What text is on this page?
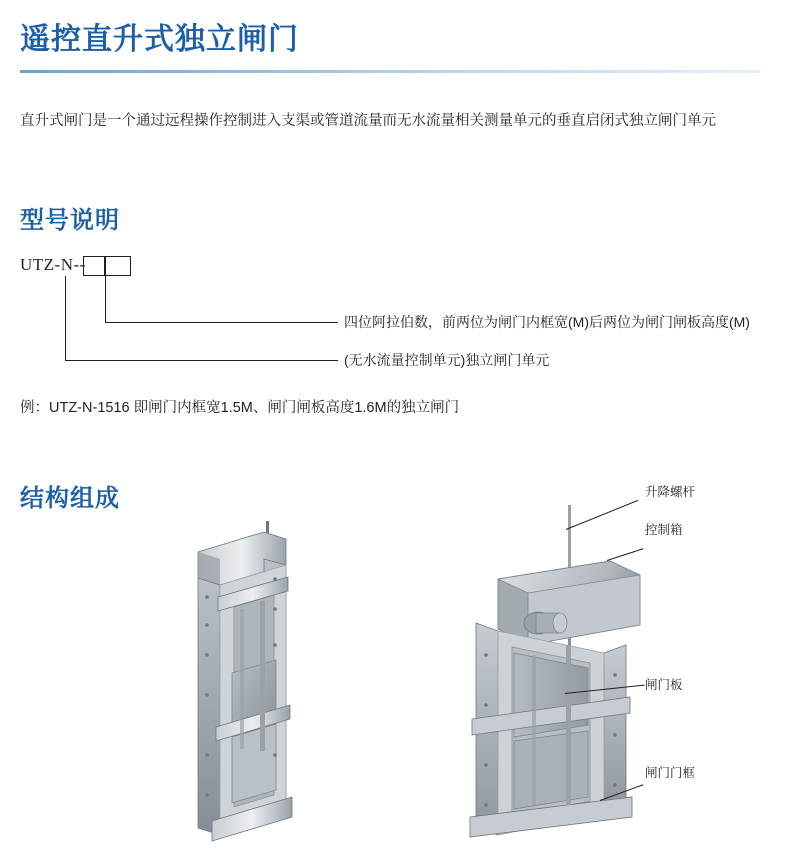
遥控直升式独立闸门
直升式闸门是一个通过远程操作控制进入支渠或管道流量而无水流量相关测量单元的垂直启闭式独立闸门单元
型号说明
UTZ-N--
四位阿拉伯数，前两位为闸门内框宽(M)后两位为闸门闸板高度(M)
(无水流量控制单元)独立闸门单元
例：UTZ-N-1516 即闸门内框宽1.5M、闸门闸板高度1.6M的独立闸门
结构组成	升降螺杆
控制箱
闸门板
闸门门框
